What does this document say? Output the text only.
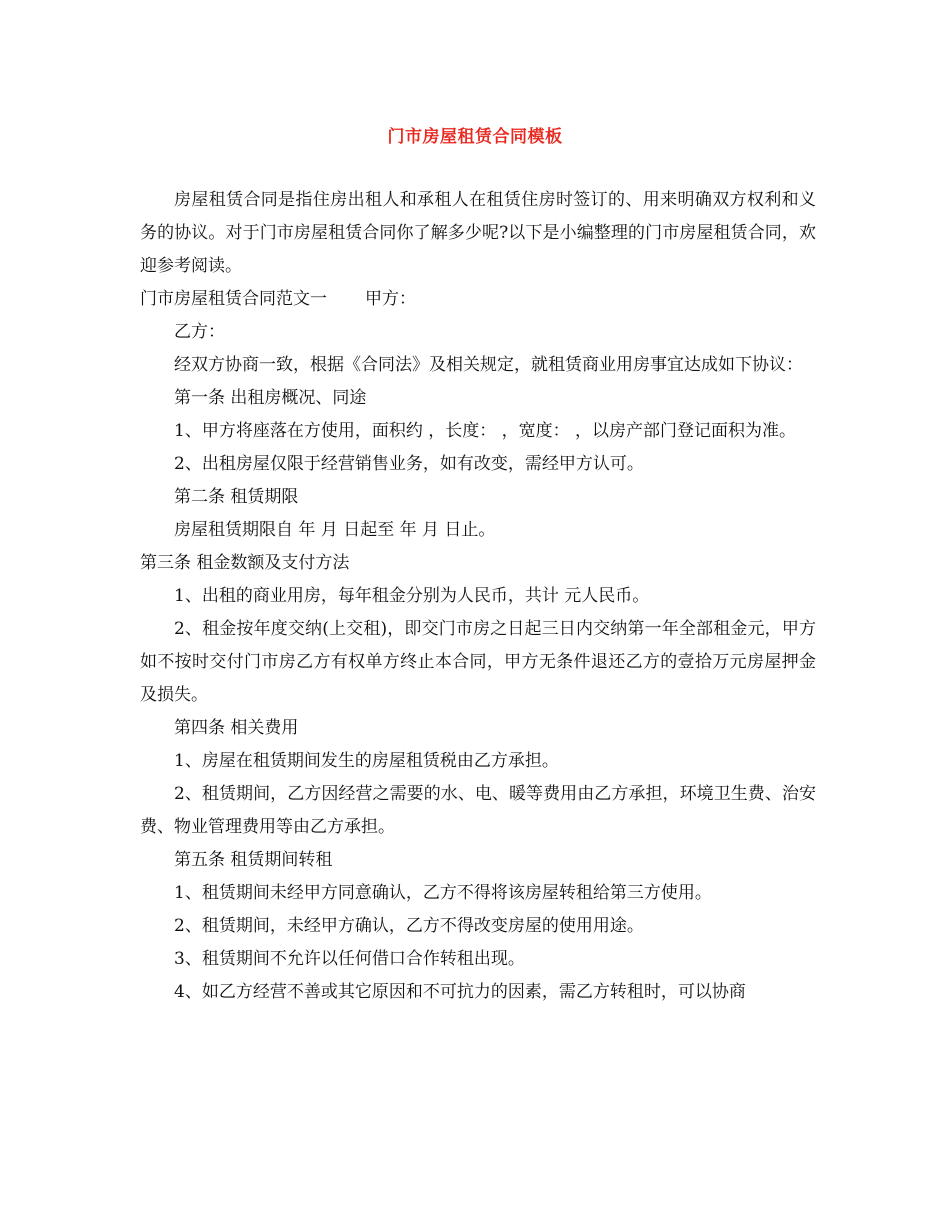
门市房屋租赁合同模板

房屋租赁合同是指住房出租人和承租人在租赁住房时签订的、用来明确双方权利和义务的协议。对于门市房屋租赁合同你了解多少呢?以下是小编整理的门市房屋租赁合同，欢迎参考阅读。

门市房屋租赁合同范文一 甲方：

乙方：

经双方协商一致，根据《合同法》及相关规定，就租赁商业用房事宜达成如下协议：

第一条 出租房概况、同途

1、甲方将座落在方使用，面积约 ，长度： ，宽度： ，以房产部门登记面积为准。

2、出租房屋仅限于经营销售业务，如有改变，需经甲方认可。

第二条 租赁期限

房屋租赁期限自 年 月 日起至 年 月 日止。

第三条 租金数额及支付方法

1、出租的商业用房，每年租金分别为人民币，共计 元人民币。

2、租金按年度交纳(上交租)，即交门市房之日起三日内交纳第一年全部租金元，甲方如不按时交付门市房乙方有权单方终止本合同，甲方无条件退还乙方的壹拾万元房屋押金及损失。

第四条 相关费用

1、房屋在租赁期间发生的房屋租赁税由乙方承担。

2、租赁期间，乙方因经营之需要的水、电、暖等费用由乙方承担，环境卫生费、治安费、物业管理费用等由乙方承担。

第五条 租赁期间转租

1、租赁期间未经甲方同意确认，乙方不得将该房屋转租给第三方使用。

2、租赁期间，未经甲方确认，乙方不得改变房屋的使用用途。

3、租赁期间不允许以任何借口合作转租出现。

4、如乙方经营不善或其它原因和不可抗力的因素，需乙方转租时，可以协商
